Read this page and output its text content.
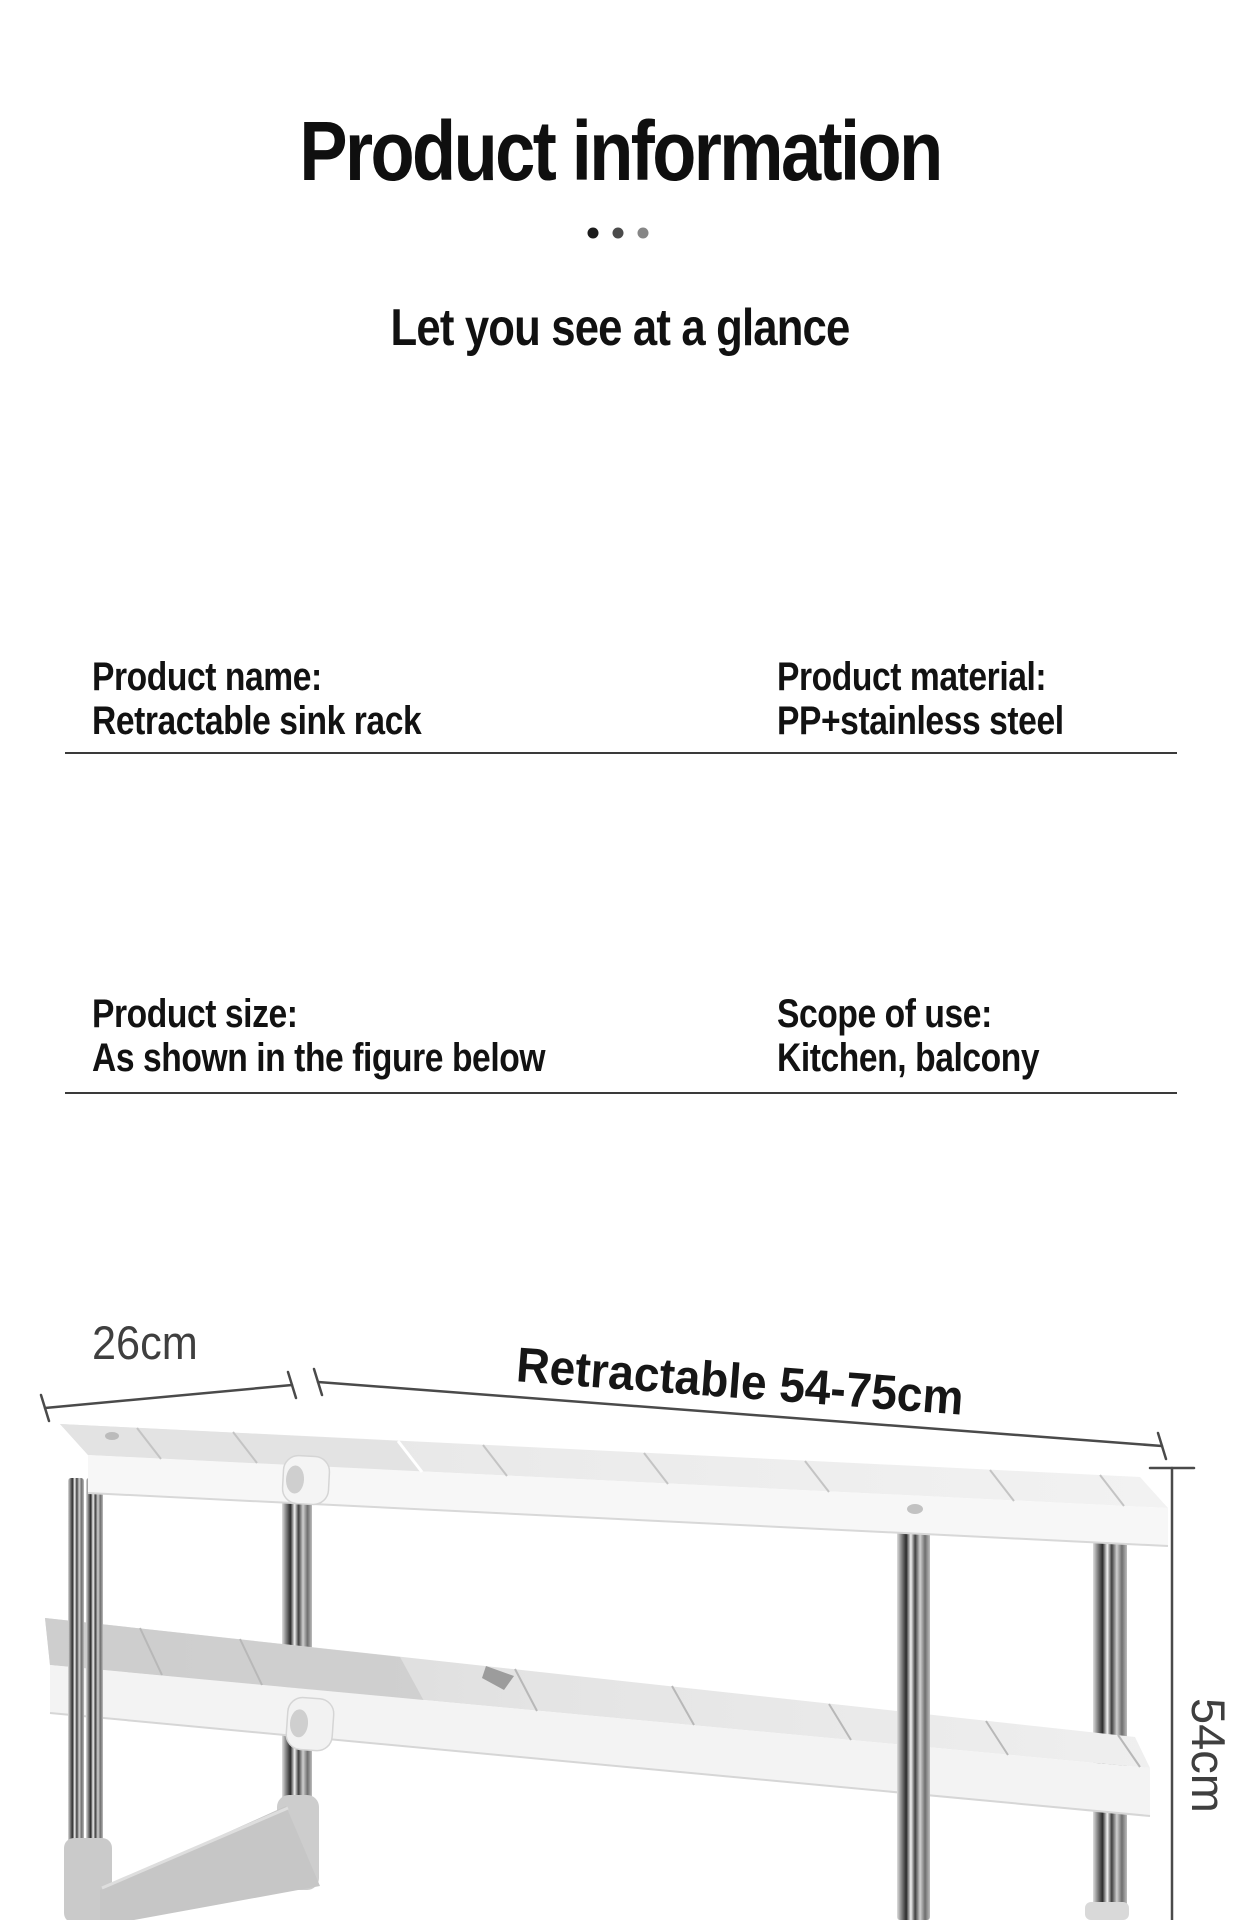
Product information
Let you see at a glance
Product name:
Retractable sink rack
Product material:
PP+stainless steel
Product size:
As shown in the figure below
Scope of use:
Kitchen, balcony
26cm	Retractable 54-75cm
54cm
